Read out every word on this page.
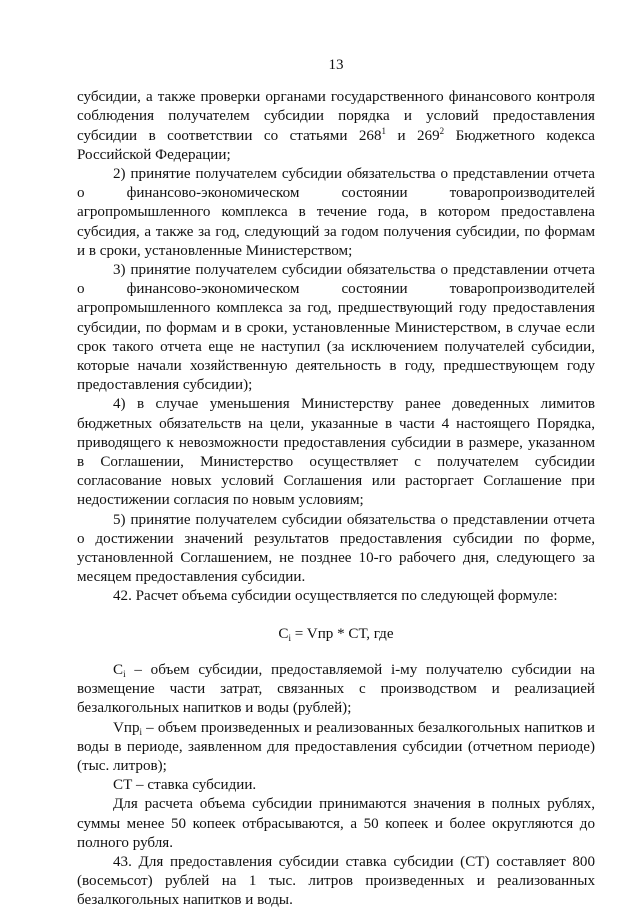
13

субсидии, а также проверки органами государственного финансового контроля соблюдения получателем субсидии порядка и условий предоставления субсидии в соответствии со статьями $268^1$ и $269^2$ Бюджетного кодекса Российской Федерации;

2) принятие получателем субсидии обязательства о представлении отчета о финансово-экономическом состоянии товаропроизводителей агропромышленного комплекса в течение года, в котором предоставлена субсидия, а также за год, следующий за годом получения субсидии, по формам и в сроки, установленные Министерством;

3) принятие получателем субсидии обязательства о представлении отчета о финансово-экономическом состоянии товаропроизводителей агропромышленного комплекса за год, предшествующий году предоставления субсидии, по формам и в сроки, установленные Министерством, в случае если срок такого отчета еще не наступил (за исключением получателей субсидии, которые начали хозяйственную деятельность в году, предшествующем году предоставления субсидии);

4) в случае уменьшения Министерству ранее доведенных лимитов бюджетных обязательств на цели, указанные в части 4 настоящего Порядка, приводящего к невозможности предоставления субсидии в размере, указанном в Соглашении, Министерство осуществляет с получателем субсидии согласование новых условий Соглашения или расторгает Соглашение при недостижении согласия по новым условиям;

5) принятие получателем субсидии обязательства о представлении отчета о достижении значений результатов предоставления субсидии по форме, установленной Соглашением, не позднее 10-го рабочего дня, следующего за месяцем предоставления субсидии.

42. Расчет объема субсидии осуществляется по следующей формуле:

$C_i$ = Vпр * СТ, где

$C_i$ – объем субсидии, предоставляемой i-му получателю субсидии на возмещение части затрат, связанных с производством и реализацией безалкогольных напитков и воды (рублей);

Vпр$_i$ – объем произведенных и реализованных безалкогольных напитков и воды в периоде, заявленном для предоставления субсидии (отчетном периоде) (тыс. литров);

СТ – ставка субсидии.

Для расчета объема субсидии принимаются значения в полных рублях, суммы менее 50 копеек отбрасываются, а 50 копеек и более округляются до полного рубля.

43. Для предоставления субсидии ставка субсидии (СТ) составляет 800 (восемьсот) рублей на 1 тыс. литров произведенных и реализованных безалкогольных напитков и воды.
